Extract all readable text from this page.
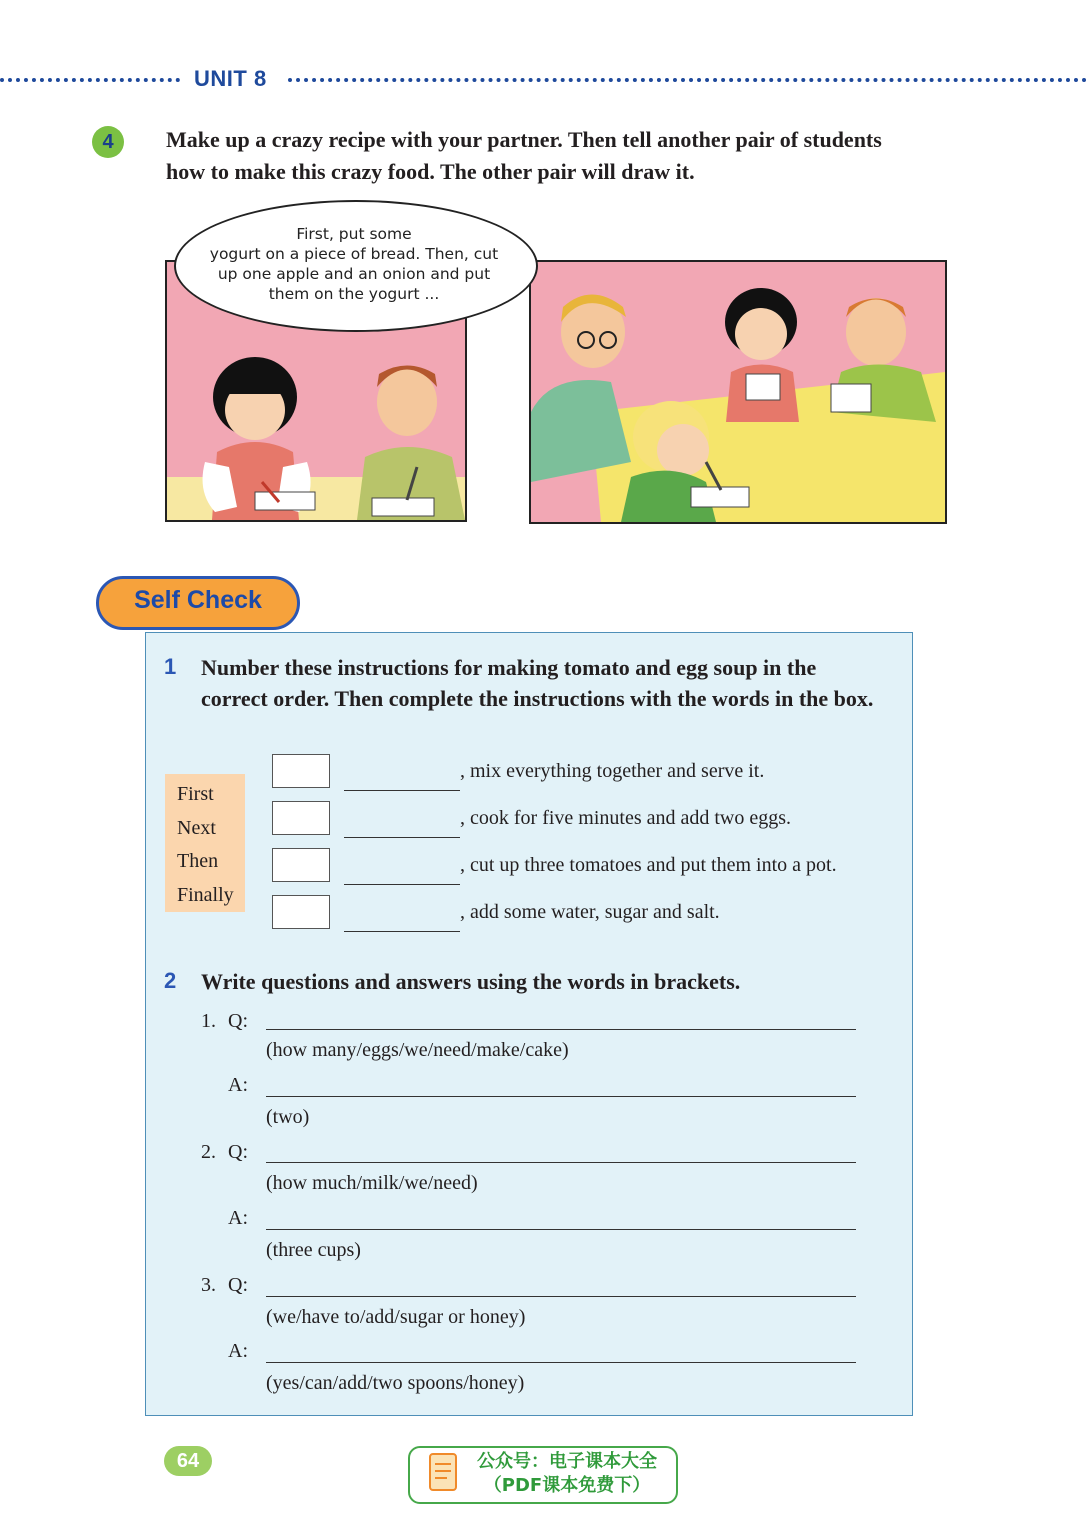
UNIT 8
4	Make up a crazy recipe with your partner. Then tell another pair of students how to make this crazy food. The other pair will draw it.
First, put some
yogurt on a piece of bread. Then, cut
up one apple and an onion and put
them on the yogurt ...
Self Check
1 Number these instructions for making tomato and egg soup in the correct order. Then complete the instructions with the words in the box.
First
Next
Then
Finally
, mix everything together and serve it.
, cook for five minutes and add two eggs.
, cut up three tomatoes and put them into a pot.
, add some water, sugar and salt.
2 Write questions and answers using the words in brackets.
1. Q:
(how many/eggs/we/need/make/cake)
A:
(two)
2. Q:
(how much/milk/we/need)
A:
(three cups)
3. Q:
(we/have to/add/sugar or honey)
A:
(yes/can/add/two spoons/honey)
64	公众号：电子课本大全
（PDF课本免费下）
